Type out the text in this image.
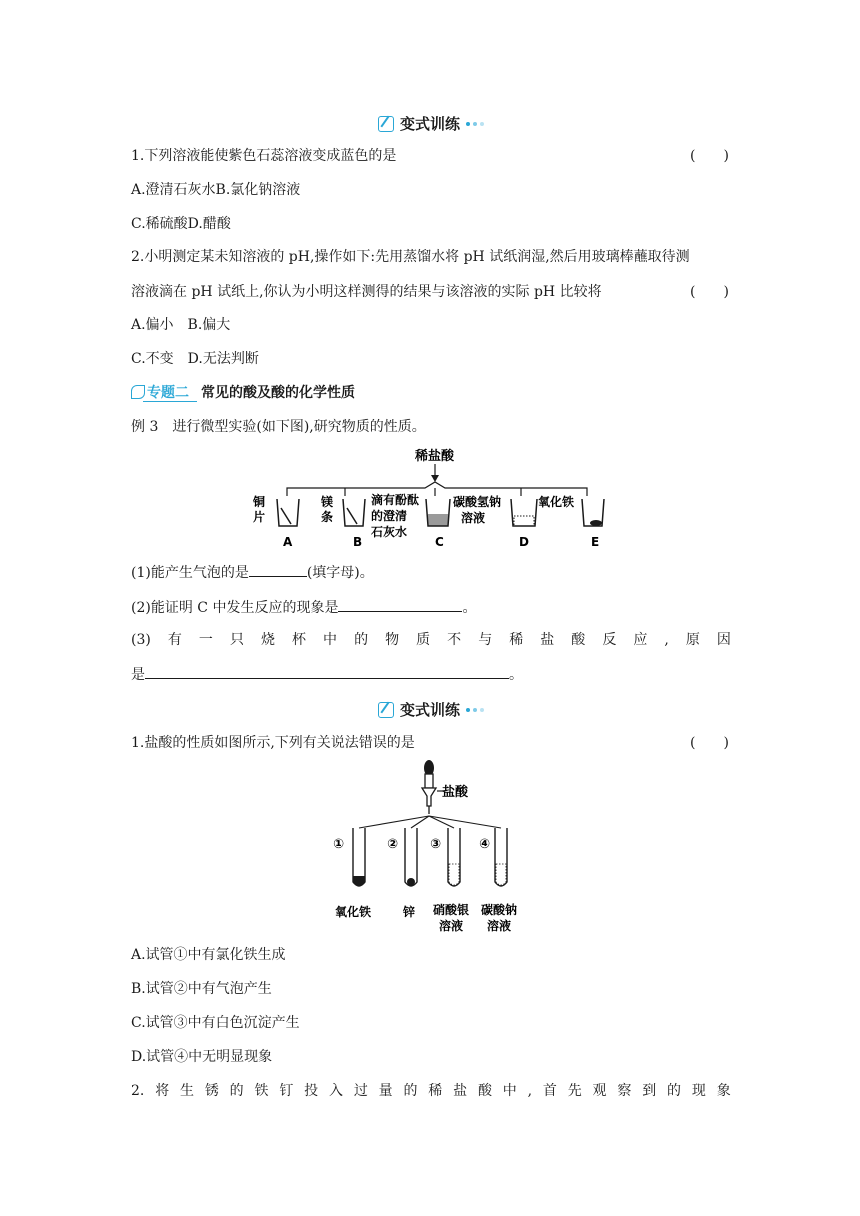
变式训练
1.下列溶液能使紫色石蕊溶液变成蓝色的是	(　　)
A.澄清石灰水B.氯化钠溶液
C.稀硫酸D.醋酸
2.小明测定某未知溶液的 pH,操作如下:先用蒸馏水将 pH 试纸润湿,然后用玻璃棒蘸取待测
溶液滴在 pH 试纸上,你认为小明这样测得的结果与该溶液的实际 pH 比较将	(　　)
A.偏小　B.偏大
C.不变　D.无法判断
专题二 常见的酸及酸的化学性质
例 3　进行微型实验(如下图),研究物质的性质。
稀盐酸
铜
片
A
镁
条
B
滴有酚酞
的澄清
石灰水
C
碳酸氢钠
溶液
D
氧化铁
E
(1)能产生气泡的是	(填字母)。
(2)能证明 C 中发生反应的现象是	。
(3) 有 一 只 烧 杯 中 的 物 质 不 与 稀 盐 酸 反 应 , 原 因
是	。
变式训练
1.盐酸的性质如图所示,下列有关说法错误的是	(　　)
盐酸
①
氧化铁
②
锌
③
硝酸银
溶液
④
碳酸钠
溶液
A.试管①中有氯化铁生成
B.试管②中有气泡产生
C.试管③中有白色沉淀产生
D.试管④中无明显现象
2. 将 生 锈 的 铁 钉 投 入 过 量 的 稀 盐 酸 中 , 首 先 观 察 到 的 现 象
